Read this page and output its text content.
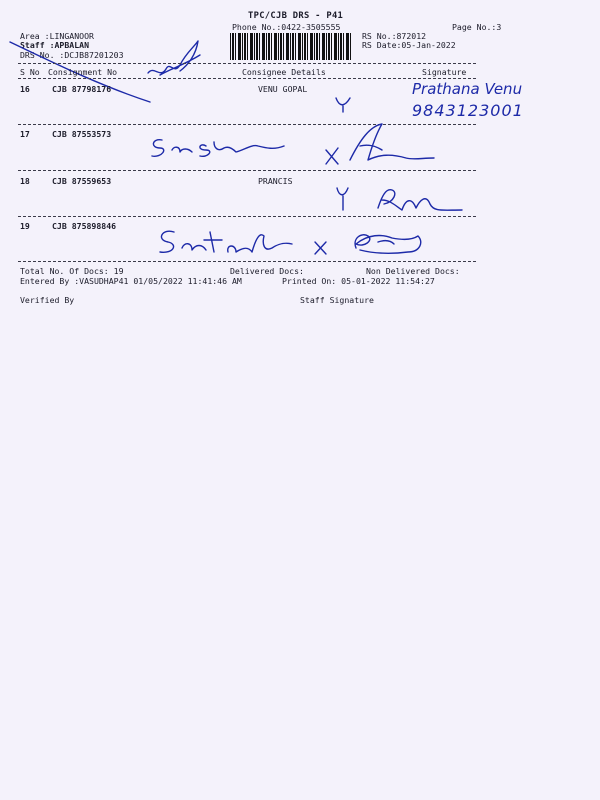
TPC/CJB DRS - P41
Phone No.:0422-3505555	Page No.:3
Area :LINGANOOR
Staff :APBALAN
DRS No. :DCJB87201203
RS No.:872012
RS Date:05-Jan-2022
S No Consignment No	Consignee Details	Signature
16	CJB 87798176	VENU GOPAL	Prathana Venu
9843123001
17	CJB 87553573
18	CJB 87559653	PRANCIS
19	CJB 875898846
Total No. Of Docs: 19	Delivered Docs:	Non Delivered Docs:
Entered By :VASUDHAP41 01/05/2022 11:41:46 AM	Printed On: 05-01-2022 11:54:27
Verified By	Staff Signature
